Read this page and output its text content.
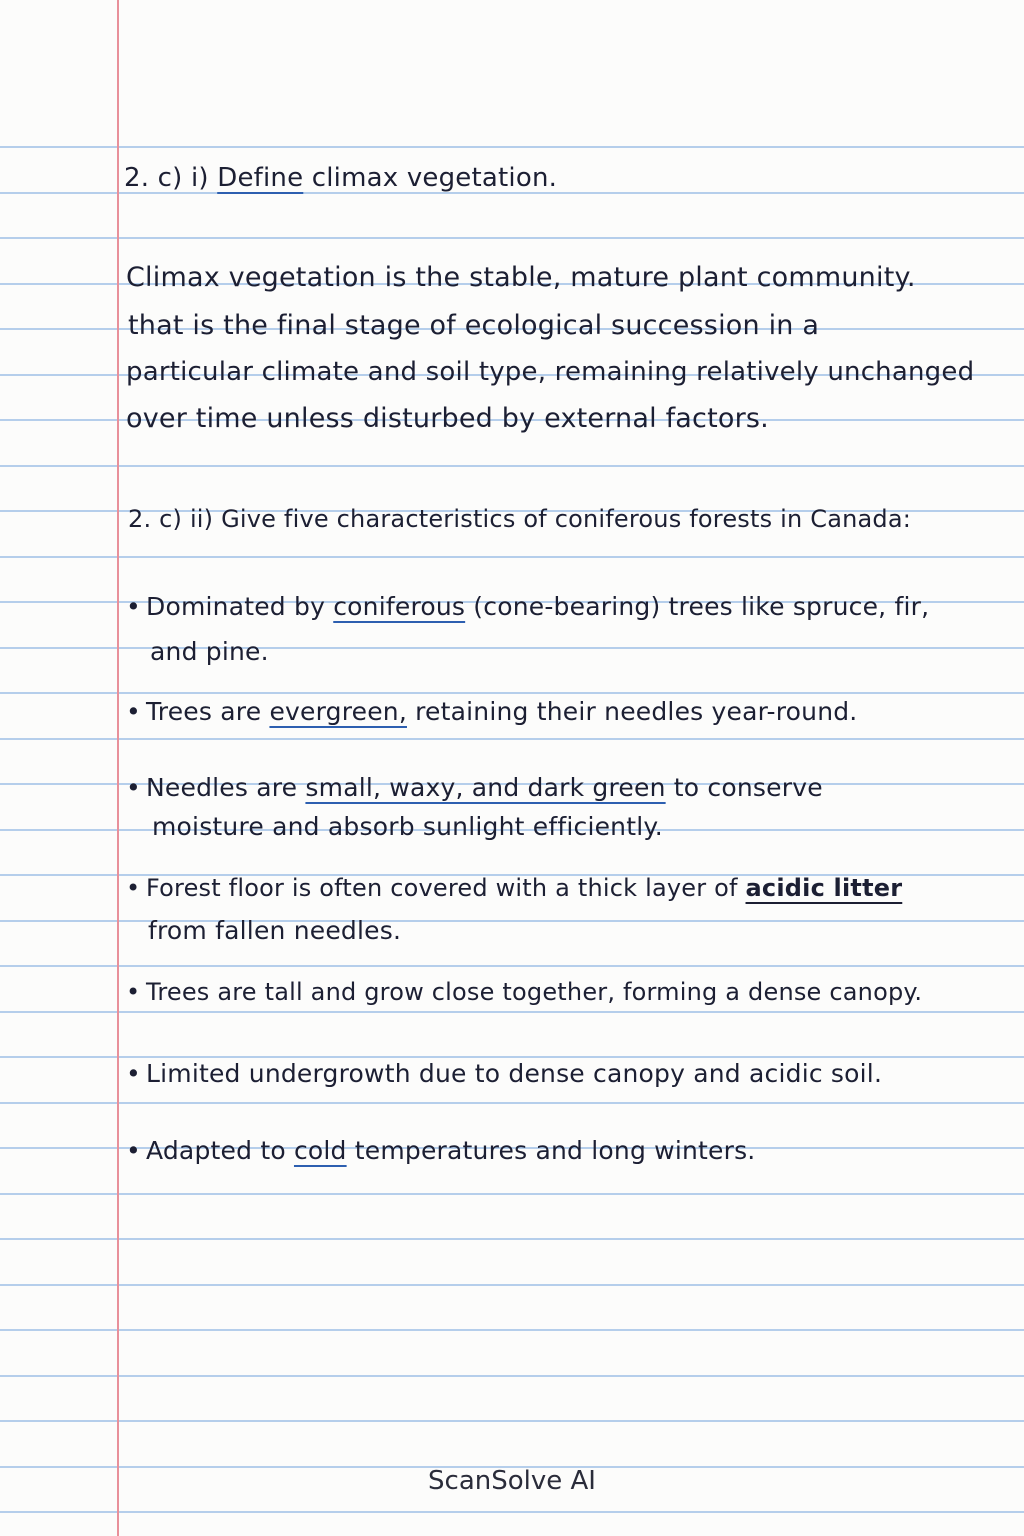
2. c) i) Define climax vegetation.

Climax vegetation is the stable, mature plant community.

that is the final stage of ecological succession in a

particular climate and soil type, remaining relatively unchanged

over time unless disturbed by external factors.

2. c) ii) Give five characteristics of coniferous forests in Canada:

• Dominated by coniferous (cone-bearing) trees like spruce, fir,

and pine.

• Trees are evergreen, retaining their needles year-round.

• Needles are small, waxy, and dark green to conserve

moisture and absorb sunlight efficiently.

• Forest floor is often covered with a thick layer of acidic litter

from fallen needles.

• Trees are tall and grow close together, forming a dense canopy.

• Limited undergrowth due to dense canopy and acidic soil.

• Adapted to cold temperatures and long winters.

ScanSolve AI
